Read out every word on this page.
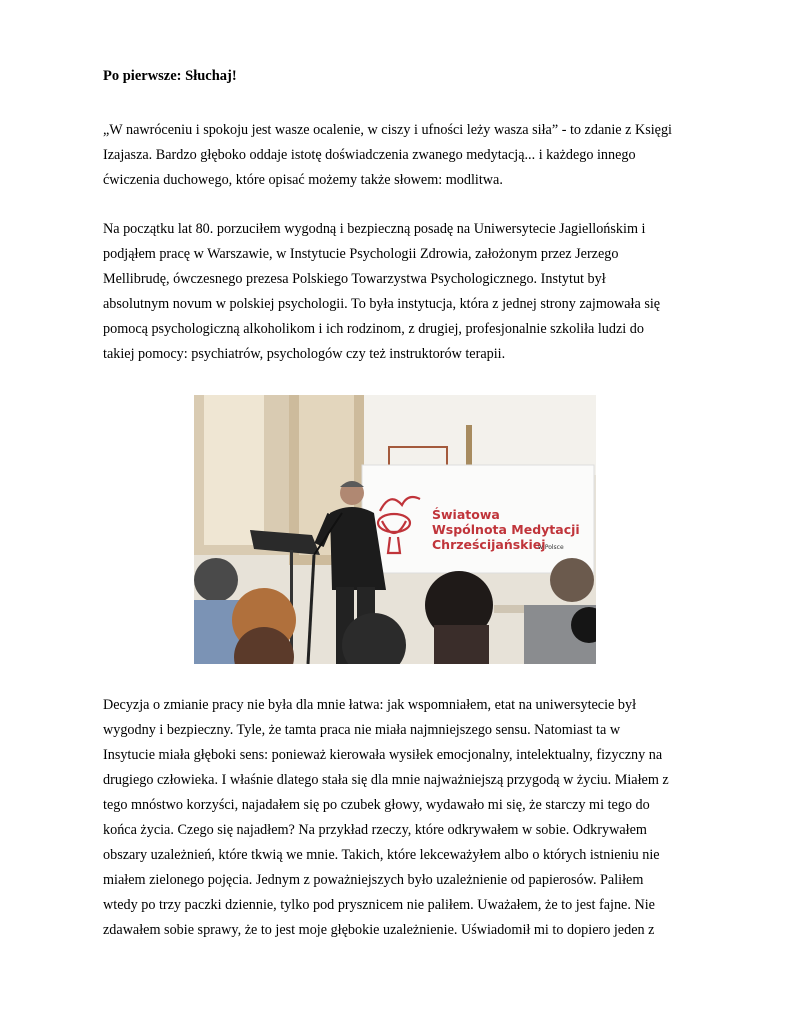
Po pierwsze: Słuchaj!
„W nawróceniu i spokoju jest wasze ocalenie, w ciszy i ufności leży wasza siła” - to zdanie z Księgi
Izajasza. Bardzo głęboko oddaje istotę doświadczenia zwanego medytacją... i każdego innego
ćwiczenia duchowego, które opisać możemy także słowem: modlitwa.
Na początku lat 80. porzuciłem wygodną i bezpieczną posadę na Uniwersytecie Jagiellońskim i
podjąłem pracę w Warszawie, w Instytucie Psychologii Zdrowia, założonym przez Jerzego
Mellibrudę, ówczesnego prezesa Polskiego Towarzystwa Psychologicznego. Instytut był
absolutnym novum w polskiej psychologii. To była instytucja, która z jednej strony zajmowała się
pomocą psychologiczną alkoholikom i ich rodzinom, z drugiej, profesjonalnie szkoliła ludzi do
takiej pomocy: psychiatrów, psychologów czy też instruktorów terapii.
Światowa
Wspólnota Medytacji
Chrześcijańskiej
w Polsce
Decyzja o zmianie pracy nie była dla mnie łatwa: jak wspomniałem, etat na uniwersytecie był
wygodny i bezpieczny. Tyle, że tamta praca nie miała najmniejszego sensu. Natomiast ta w
Insytucie miała głęboki sens: ponieważ kierowała wysiłek emocjonalny, intelektualny, fizyczny na
drugiego człowieka. I właśnie dlatego stała się dla mnie najważniejszą przygodą w życiu. Miałem z
tego mnóstwo korzyści, najadałem się po czubek głowy, wydawało mi się, że starczy mi tego do
końca życia. Czego się najadłem? Na przykład rzeczy, które odkrywałem w sobie. Odkrywałem
obszary uzależnień, które tkwią we mnie. Takich, które lekceważyłem albo o których istnieniu nie
miałem zielonego pojęcia. Jednym z poważniejszych było uzależnienie od papierosów. Paliłem
wtedy po trzy paczki dziennie, tylko pod prysznicem nie paliłem. Uważałem, że to jest fajne. Nie
zdawałem sobie sprawy, że to jest moje głębokie uzależnienie. Uświadomił mi to dopiero jeden z
